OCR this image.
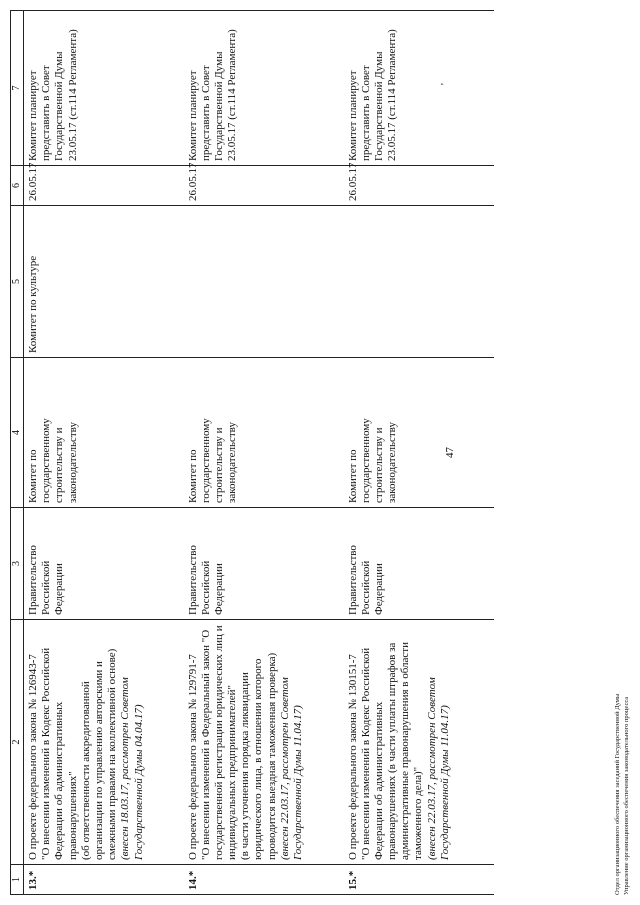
'
1	2	3	4	5	6	7
13.*	О проекте федерального закона № 126943-7 "О внесении изменений в Кодекс Российской Федерации об административных правонарушениях" (об ответственности аккредитованной организации по управлению авторскими и смежными правами на коллективной основе) (внесен 18.03.17, рассмотрен Советом Государственной Думы 04.04.17)	Правительство Российской Федерации	Комитет по государственному строительству и законодательству	Комитет по культуре	26.05.17	Комитет планирует представить в Совет Государственной Думы 23.05.17 (ст.114 Регламента)
14.*	О проекте федерального закона № 129791-7 "О внесении изменений в Федеральный закон "О государственной регистрации юридических лиц и индивидуальных предпринимателей" (в части уточнения порядка ликвидации юридического лица, в отношении которого проводится выездная таможенная проверка) (внесен 22.03.17, рассмотрен Советом Государственной Думы 11.04.17)	Правительство Российской Федерации	Комитет по государственному строительству и законодательству		26.05.17	Комитет планирует представить в Совет Государственной Думы 23.05.17 (ст.114 Регламента)
15.*	О проекте федерального закона № 130151-7 "О внесении изменений в Кодекс Российской Федерации об административных правонарушениях (в части уплаты штрафов за административные правонарушения в области таможенного дела)" (внесен 22.03.17, рассмотрен Советом Государственной Думы 11.04.17)	Правительство Российской Федерации	Комитет по государственному строительству и законодательству		26.05.17	Комитет планирует представить в Совет Государственной Думы 23.05.17 (ст.114 Регламента)
47
Отдел организационного обеспечения заседаний Государственной Думы Управление организационного обеспечения законодательного процесса
